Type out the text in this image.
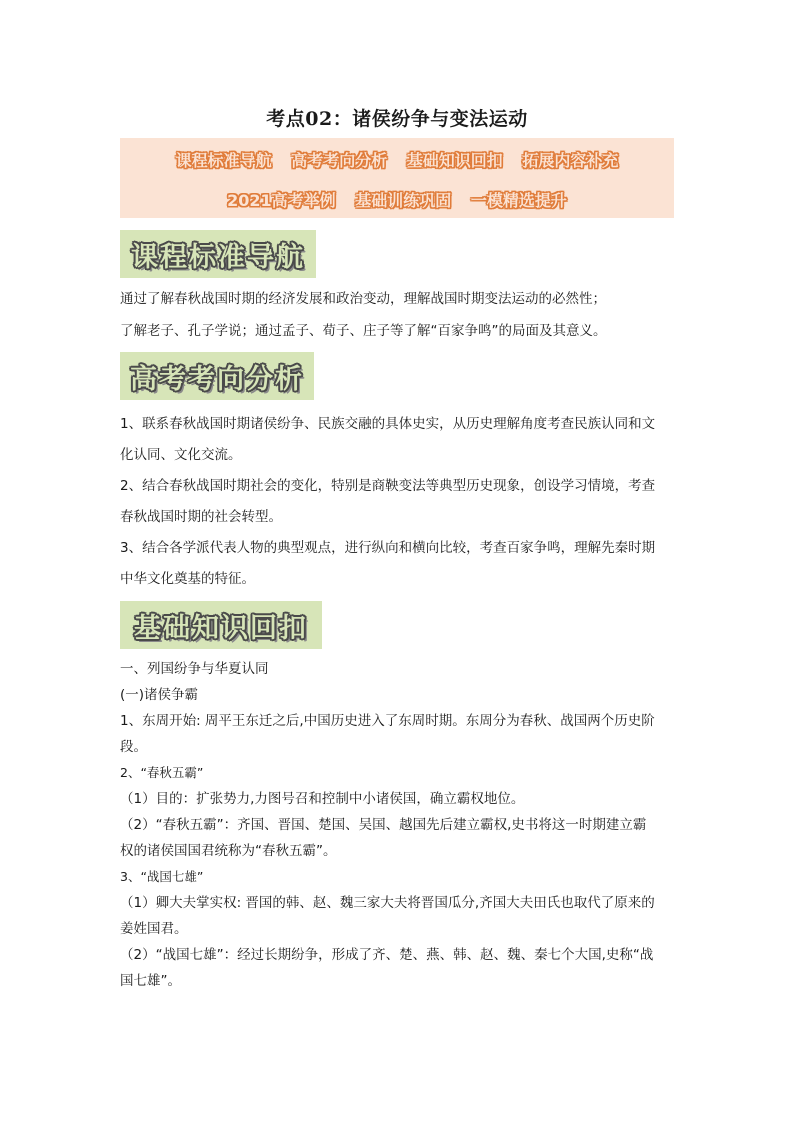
考点02：诸侯纷争与变法运动
课程标准导航 高考考向分析 基础知识回扣 拓展内容补充
2021高考举例 基础训练巩固 一模精选提升
课程标准导航
通过了解春秋战国时期的经济发展和政治变动，理解战国时期变法运动的必然性；
了解老子、孔子学说；通过孟子、荀子、庄子等了解“百家争鸣”的局面及其意义。
高考考向分析
1、联系春秋战国时期诸侯纷争、民族交融的具体史实，从历史理解角度考查民族认同和文
化认同、文化交流。
2、结合春秋战国时期社会的变化，特别是商鞅变法等典型历史现象，创设学习情境，考查
春秋战国时期的社会转型。
3、结合各学派代表人物的典型观点，进行纵向和横向比较，考查百家争鸣，理解先秦时期
中华文化奠基的特征。
基础知识回扣
一、列国纷争与华夏认同
(一)诸侯争霸
1、东周开始: 周平王东迁之后,中国历史进入了东周时期。东周分为春秋、战国两个历史阶
段。
2、“春秋五霸”
（1）目的：扩张势力,力图号召和控制中小诸侯国，确立霸权地位。
（2）“春秋五霸”：齐国、晋国、楚国、吴国、越国先后建立霸权,史书将这一时期建立霸
权的诸侯国国君统称为“春秋五霸”。
3、“战国七雄”
（1）卿大夫掌实权: 晋国的韩、赵、魏三家大夫将晋国瓜分,齐国大夫田氏也取代了原来的
姜姓国君。
（2）“战国七雄”：经过长期纷争，形成了齐、楚、燕、韩、赵、魏、秦七个大国,史称“战
国七雄”。
